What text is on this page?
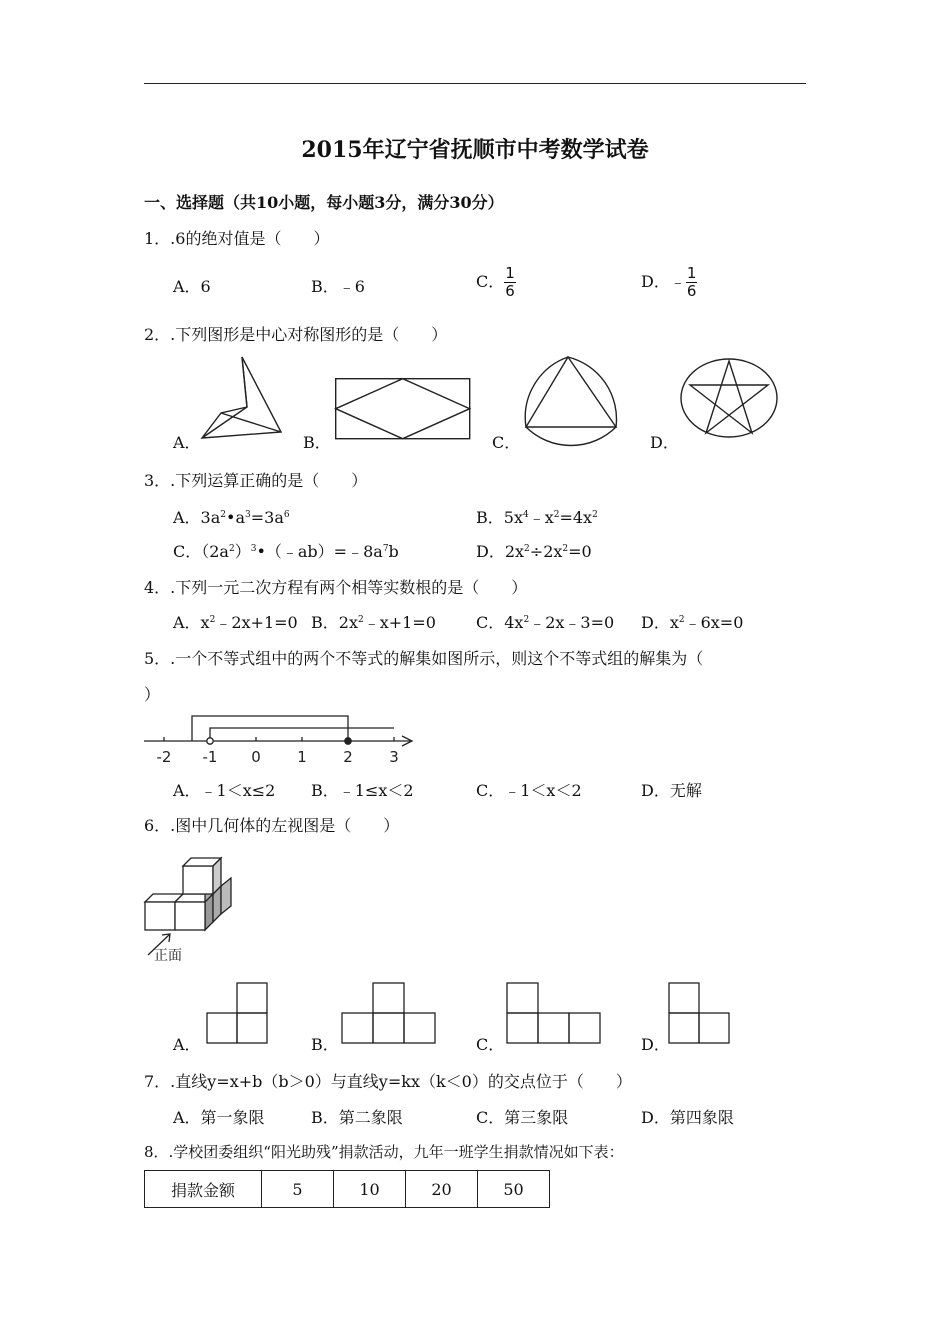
2015年辽宁省抚顺市中考数学试卷
一、选择题（共10小题，每小题3分，满分30分）
1．.6的绝对值是（　　）
A．6	B．﹣6	C． $\frac{1}{6}$	D．﹣ $\frac{1}{6}$
2．.下列图形是中心对称图形的是（　　）
A．	B．	C．	D．
3．.下列运算正确的是（　　）
A．$3a^2•a^3=3a^6$	B．$5x^4﹣x^2=4x^2$
C．$(2a^2)^3•(﹣ab)=﹣8a^7b$	D．$2x^2\div 2x^2=0$
4．.下列一元二次方程有两个相等实数根的是（　　）
A．$x^2﹣2x+1=0$ B．$2x^2﹣x+1=0$	C．$4x^2﹣2x﹣3=0$ D．$x^2﹣6x=0$
5．.一个不等式组中的两个不等式的解集如图所示，则这个不等式组的解集为（
）
-2 -1 0 1 2 3
A．﹣1＜x≤2 B．﹣1≤x＜2	C．﹣1＜x＜2	D．无解
6．.图中几何体的左视图是（　　）
正面
A．	B．	C．	D．
7．.直线y=x+b（b＞0）与直线y=kx（k＜0）的交点位于（　　）
A．第一象限	B．第二象限	C．第三象限	D．第四象限
8．.学校团委组织“阳光助残”捐款活动，九年一班学生捐款情况如下表：
捐款金额	5	10	20	50
